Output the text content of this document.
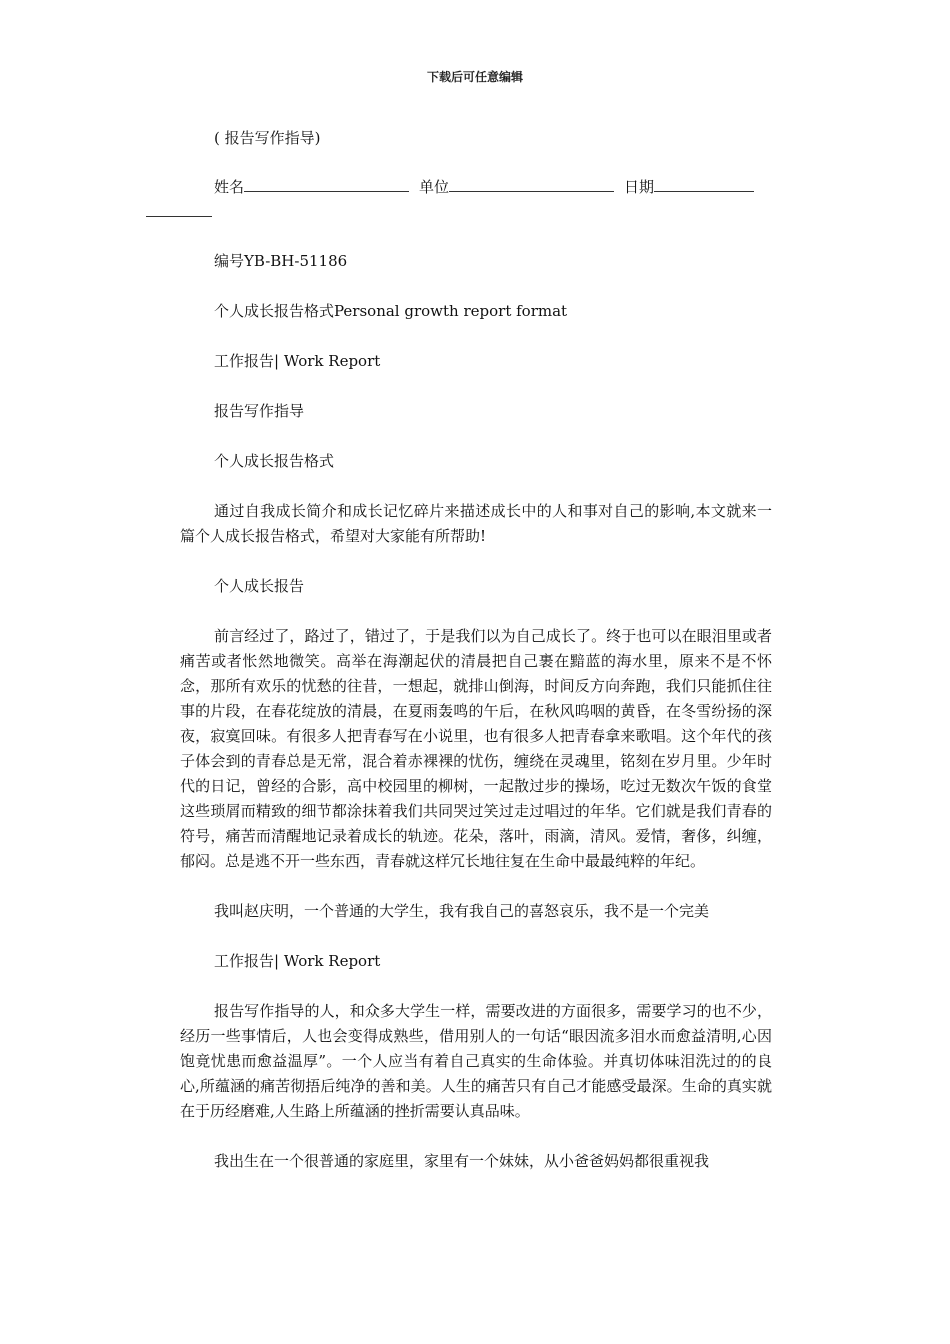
下载后可任意编辑

( 报告写作指导)

姓名	单位	日期

编号YB-BH-51186

个人成长报告格式Personal growth report format

工作报告| Work Report

报告写作指导

个人成长报告格式

通过自我成长简介和成长记忆碎片来描述成长中的人和事对自己的影响,本文就来一篇个人成长报告格式，希望对大家能有所帮助!

个人成长报告

前言经过了，路过了，错过了，于是我们以为自己成长了。终于也可以在眼泪里或者痛苦或者怅然地微笑。高举在海潮起伏的清晨把自己裹在黯蓝的海水里，原来不是不怀念，那所有欢乐的忧愁的往昔，一想起，就排山倒海，时间反方向奔跑，我们只能抓住往事的片段，在春花绽放的清晨，在夏雨轰鸣的午后，在秋风呜咽的黄昏，在冬雪纷扬的深夜，寂寞回味。有很多人把青春写在小说里，也有很多人把青春拿来歌唱。这个年代的孩子体会到的青春总是无常，混合着赤裸裸的忧伤，缠绕在灵魂里，铭刻在岁月里。少年时代的日记，曾经的合影，高中校园里的柳树，一起散过步的操场，吃过无数次午饭的食堂这些琐屑而精致的细节都涂抹着我们共同哭过笑过走过唱过的年华。它们就是我们青春的符号，痛苦而清醒地记录着成长的轨迹。花朵，落叶，雨滴，清风。爱情，奢侈，纠缠，郁闷。总是逃不开一些东西，青春就这样冗长地往复在生命中最最纯粹的年纪。

我叫赵庆明，一个普通的大学生，我有我自己的喜怒哀乐，我不是一个完美

工作报告| Work Report

报告写作指导的人，和众多大学生一样，需要改进的方面很多，需要学习的也不少，经历一些事情后，人也会变得成熟些，借用别人的一句话“眼因流多泪水而愈益清明,心因饱竟忧患而愈益温厚”。一个人应当有着自己真实的生命体验。并真切体味泪洗过的的良心,所蕴涵的痛苦彻捂后纯净的善和美。人生的痛苦只有自己才能感受最深。生命的真实就在于历经磨难,人生路上所蕴涵的挫折需要认真品味。

我出生在一个很普通的家庭里，家里有一个妹妹，从小爸爸妈妈都很重视我
